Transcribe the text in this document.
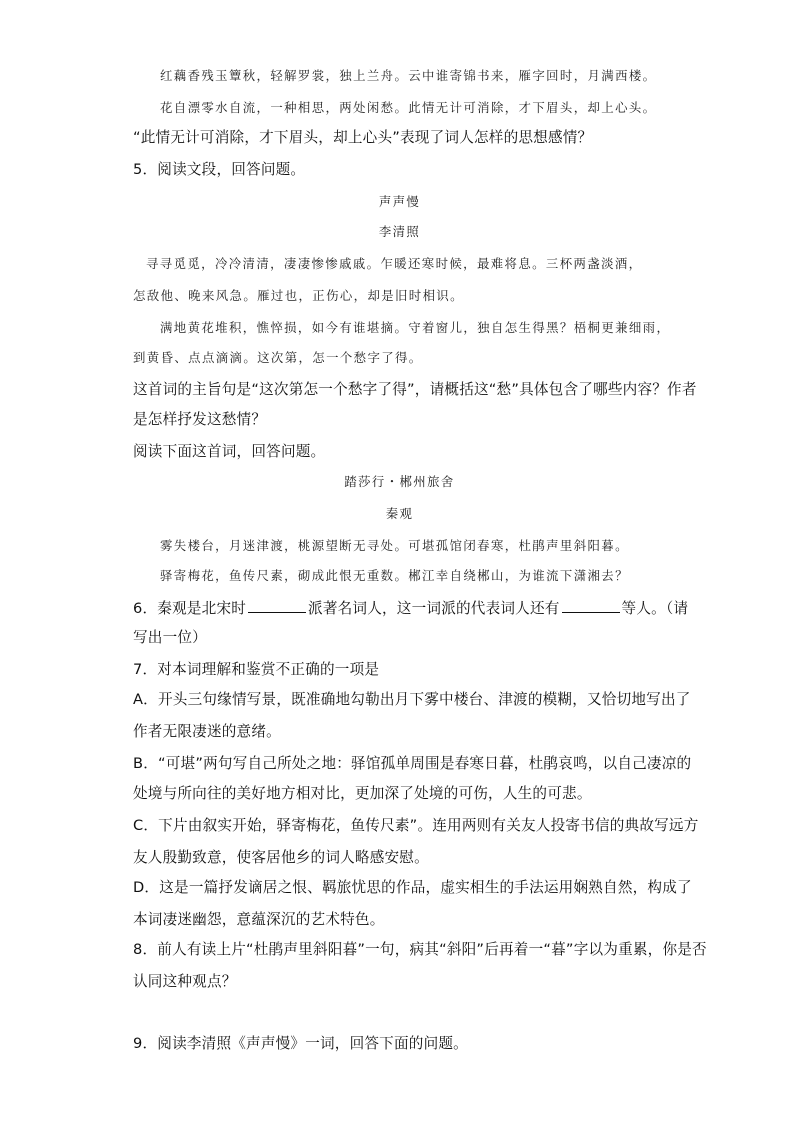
红藕香残玉簟秋，轻解罗裳，独上兰舟。云中谁寄锦书来，雁字回时，月满西楼。
花自漂零水自流，一种相思，两处闲愁。此情无计可消除，才下眉头，却上心头。
“此情无计可消除，才下眉头，却上心头”表现了词人怎样的思想感情？
5．阅读文段，回答问题。
声声慢
李清照
寻寻觅觅，冷冷清清，凄凄惨惨戚戚。乍暖还寒时候，最难将息。三杯两盏淡酒，
怎敌他、晚来风急。雁过也，正伤心，却是旧时相识。
满地黄花堆积，憔悴损，如今有谁堪摘。守着窗儿，独自怎生得黑？梧桐更兼细雨，
到黄昏、点点滴滴。这次第，怎一个愁字了得。
这首词的主旨句是“这次第怎一个愁字了得”，请概括这“愁”具体包含了哪些内容？作者
是怎样抒发这愁情？
阅读下面这首词，回答问题。
踏莎行・郴州旅舍
秦观
雾失楼台，月迷津渡，桃源望断无寻处。可堪孤馆闭春寒，杜鹃声里斜阳暮。
驿寄梅花，鱼传尺素，砌成此恨无重数。郴江幸自绕郴山，为谁流下潇湘去？
6．秦观是北宋时	派著名词人，这一词派的代表词人还有	等人。（请
写出一位）
7．对本词理解和鉴赏不正确的一项是
A．开头三句缘情写景，既准确地勾勒出月下雾中楼台、津渡的模糊，又恰切地写出了
作者无限凄迷的意绪。
B．“可堪”两句写自己所处之地：驿馆孤单周围是春寒日暮，杜鹃哀鸣，以自己凄凉的
处境与所向往的美好地方相对比，更加深了处境的可伤，人生的可悲。
C．下片由叙实开始，驿寄梅花，鱼传尺素”。连用两则有关友人投寄书信的典故写远方
友人殷勤致意，使客居他乡的词人略感安慰。
D．这是一篇抒发谪居之恨、羁旅忧思的作品，虚实相生的手法运用娴熟自然，构成了
本词凄迷幽怨，意蕴深沉的艺术特色。
8．前人有读上片“杜鹃声里斜阳暮”一句，病其“斜阳”后再着一“暮”字以为重累，你是否
认同这种观点？
9．阅读李清照《声声慢》一词，回答下面的问题。
